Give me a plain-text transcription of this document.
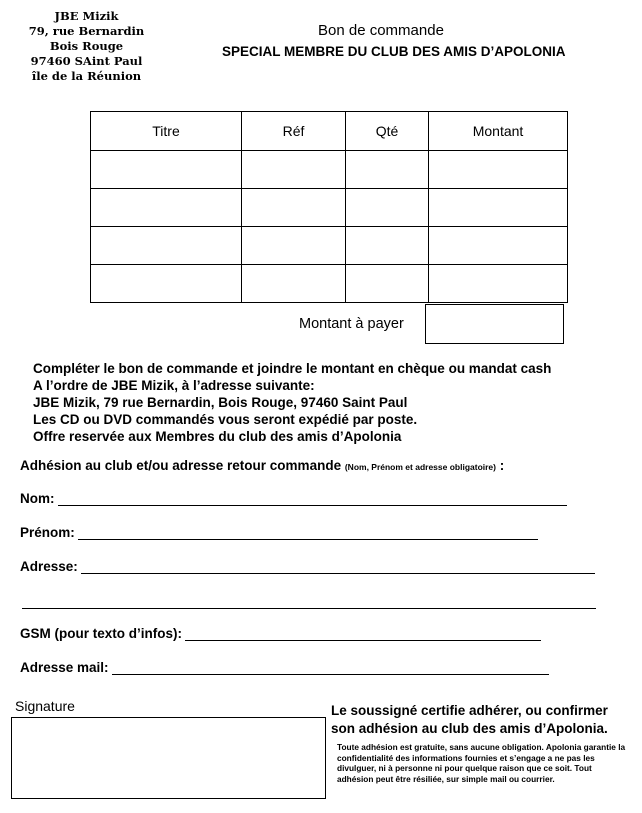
JBE Mizik
79, rue Bernardin
Bois Rouge
97460 SAint Paul
île de la Réunion
Bon de commande
SPECIAL MEMBRE DU CLUB DES AMIS D’APOLONIA
Titre	Réf	Qté	Montant

Montant à payer
Compléter le bon de commande et joindre le montant en chèque ou mandat cash
A l’ordre de JBE Mizik, à l’adresse suivante:
JBE Mizik, 79 rue Bernardin, Bois Rouge, 97460 Saint Paul
Les CD ou DVD commandés vous seront expédié par poste.
Offre reservée aux Membres du club des amis d’Apolonia
Adhésion au club et/ou adresse retour commande (Nom, Prénom et adresse obligatoire) :
Nom:
Prénom:
Adresse:
GSM (pour texto d’infos):
Adresse mail:
Signature	Le soussigné certifie adhérer, ou confirmer
son adhésion au club des amis d’Apolonia.
Toute adhésion est gratuite, sans aucune obligation. Apolonia garantie la confidentialité des informations fournies et s’engage a ne pas les divulguer, ni à personne ni pour quelque raison que ce soit. Tout adhésion peut être résiliée, sur simple mail ou courrier.
